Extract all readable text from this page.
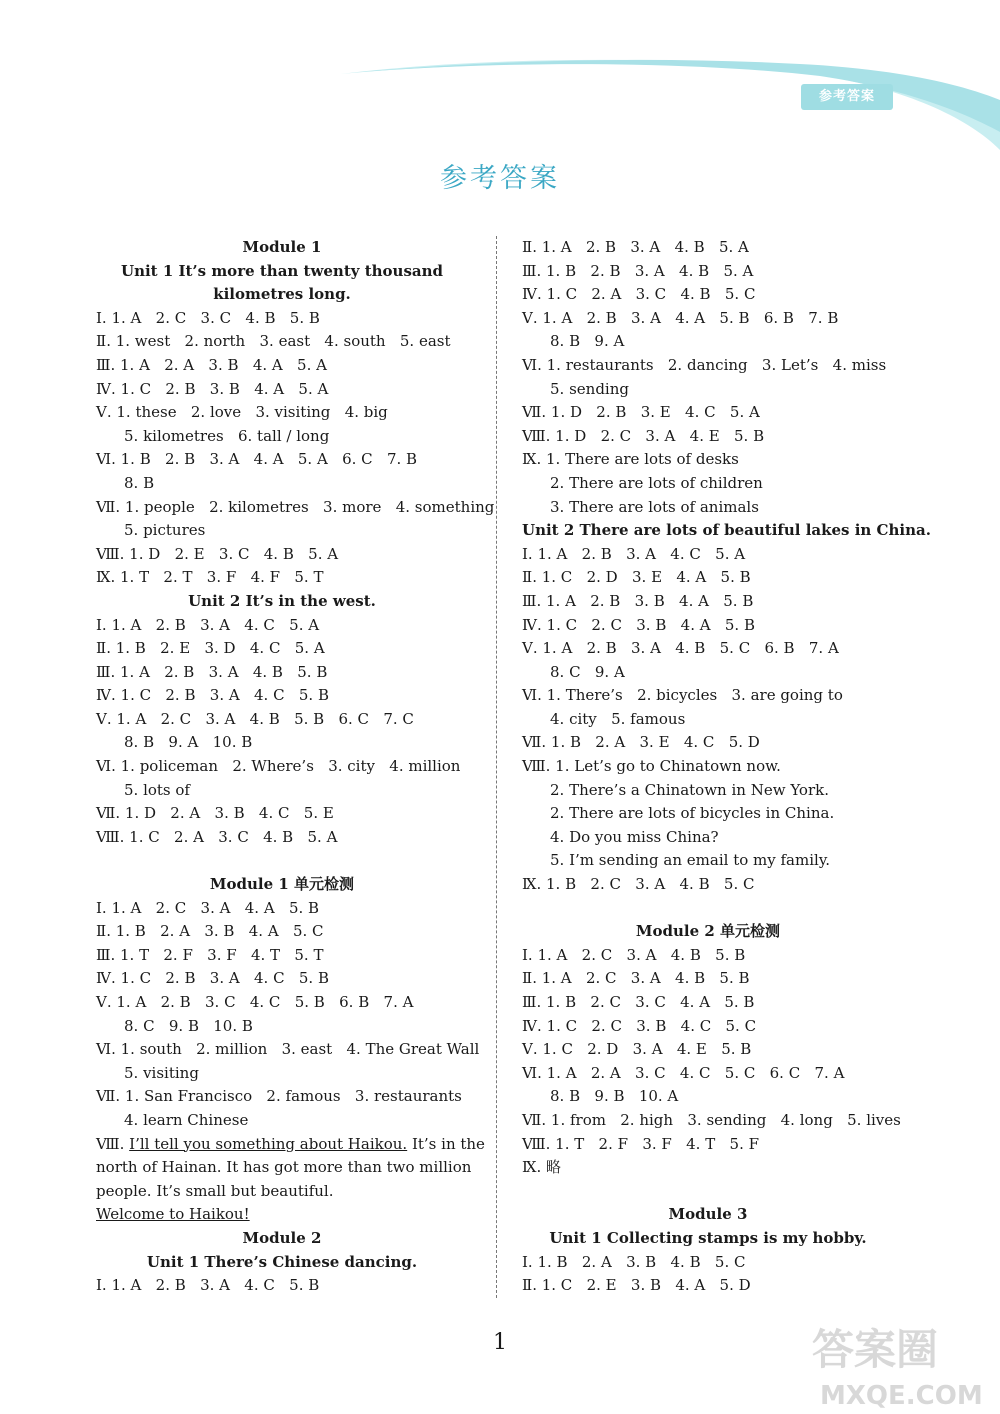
参考答案
参考答案
Module 1
Unit 1 It’s more than twenty thousand
kilometres long.
Ⅰ. 1. A   2. C   3. C   4. B   5. B
Ⅱ. 1. west   2. north   3. east   4. south   5. east
Ⅲ. 1. A   2. A   3. B   4. A   5. A
Ⅳ. 1. C   2. B   3. B   4. A   5. A
Ⅴ. 1. these   2. love   3. visiting   4. big
5. kilometres   6. tall / long
Ⅵ. 1. B   2. B   3. A   4. A   5. A   6. C   7. B
8. B
Ⅶ. 1. people   2. kilometres   3. more   4. something
5. pictures
Ⅷ. 1. D   2. E   3. C   4. B   5. A
Ⅸ. 1. T   2. T   3. F   4. F   5. T
Unit 2 It’s in the west.
Ⅰ. 1. A   2. B   3. A   4. C   5. A
Ⅱ. 1. B   2. E   3. D   4. C   5. A
Ⅲ. 1. A   2. B   3. A   4. B   5. B
Ⅳ. 1. C   2. B   3. A   4. C   5. B
Ⅴ. 1. A   2. C   3. A   4. B   5. B   6. C   7. C
8. B   9. A   10. B
Ⅵ. 1. policeman   2. Where’s   3. city   4. million
5. lots of
Ⅶ. 1. D   2. A   3. B   4. C   5. E
Ⅷ. 1. C   2. A   3. C   4. B   5. A
Module 1 单元检测
Ⅰ. 1. A   2. C   3. A   4. A   5. B
Ⅱ. 1. B   2. A   3. B   4. A   5. C
Ⅲ. 1. T   2. F   3. F   4. T   5. T
Ⅳ. 1. C   2. B   3. A   4. C   5. B
Ⅴ. 1. A   2. B   3. C   4. C   5. B   6. B   7. A
8. C   9. B   10. B
Ⅵ. 1. south   2. million   3. east   4. The Great Wall
5. visiting
Ⅶ. 1. San Francisco   2. famous   3. restaurants
4. learn Chinese
Ⅷ. I’ll tell you something about Haikou. It’s in the
north of Hainan. It has got more than two million
people. It’s small but beautiful.
Welcome to Haikou!
Module 2
Unit 1 There’s Chinese dancing.
Ⅰ. 1. A   2. B   3. A   4. C   5. B
Ⅱ. 1. A   2. B   3. A   4. B   5. A
Ⅲ. 1. B   2. B   3. A   4. B   5. A
Ⅳ. 1. C   2. A   3. C   4. B   5. C
Ⅴ. 1. A   2. B   3. A   4. A   5. B   6. B   7. B
8. B   9. A
Ⅵ. 1. restaurants   2. dancing   3. Let’s   4. miss
5. sending
Ⅶ. 1. D   2. B   3. E   4. C   5. A
Ⅷ. 1. D   2. C   3. A   4. E   5. B
Ⅸ. 1. There are lots of desks
2. There are lots of children
3. There are lots of animals
Unit 2 There are lots of beautiful lakes in China.
Ⅰ. 1. A   2. B   3. A   4. C   5. A
Ⅱ. 1. C   2. D   3. E   4. A   5. B
Ⅲ. 1. A   2. B   3. B   4. A   5. B
Ⅳ. 1. C   2. C   3. B   4. A   5. B
Ⅴ. 1. A   2. B   3. A   4. B   5. C   6. B   7. A
8. C   9. A
Ⅵ. 1. There’s   2. bicycles   3. are going to
4. city   5. famous
Ⅶ. 1. B   2. A   3. E   4. C   5. D
Ⅷ. 1. Let’s go to Chinatown now.
2. There’s a Chinatown in New York.
2. There are lots of bicycles in China.
4. Do you miss China?
5. I’m sending an email to my family.
Ⅸ. 1. B   2. C   3. A   4. B   5. C
Module 2 单元检测
Ⅰ. 1. A   2. C   3. A   4. B   5. B
Ⅱ. 1. A   2. C   3. A   4. B   5. B
Ⅲ. 1. B   2. C   3. C   4. A   5. B
Ⅳ. 1. C   2. C   3. B   4. C   5. C
Ⅴ. 1. C   2. D   3. A   4. E   5. B
Ⅵ. 1. A   2. A   3. C   4. C   5. C   6. C   7. A
8. B   9. B   10. A
Ⅶ. 1. from   2. high   3. sending   4. long   5. lives
Ⅷ. 1. T   2. F   3. F   4. T   5. F
Ⅸ. 略
Module 3
Unit 1 Collecting stamps is my hobby.
Ⅰ. 1. B   2. A   3. B   4. B   5. C
Ⅱ. 1. C   2. E   3. B   4. A   5. D
1	答案圈
MXQE.COM
